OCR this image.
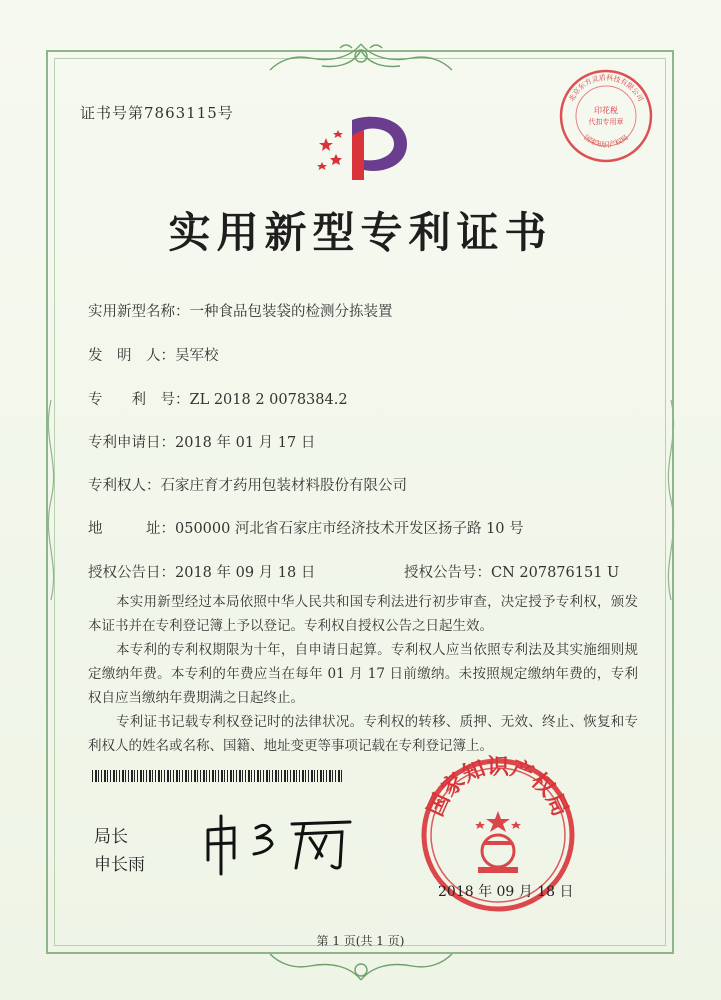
证书号第7863115号	印花税
代扣专用章
北京东方灵盾科技有限公司
国家知识产权局
实用新型专利证书
实用新型名称：一种食品包装袋的检测分拣装置
发　明　人：吴军校
专　　利　号：ZL 2018 2 0078384.2
专利申请日：2018 年 01 月 17 日
专利权人：石家庄育才药用包装材料股份有限公司
地　　　址：050000 河北省石家庄市经济技术开发区扬子路 10 号
授权公告日：2018 年 09 月 18 日	授权公告号：CN 207876151 U

本实用新型经过本局依照中华人民共和国专利法进行初步审查，决定授予专利权，颁发本证书并在专利登记簿上予以登记。专利权自授权公告之日起生效。

本专利的专利权期限为十年，自申请日起算。专利权人应当依照专利法及其实施细则规定缴纳年费。本专利的年费应当在每年 01 月 17 日前缴纳。未按照规定缴纳年费的，专利权自应当缴纳年费期满之日起终止。

专利证书记载专利权登记时的法律状况。专利权的转移、质押、无效、终止、恢复和专利权人的姓名或名称、国籍、地址变更等事项记载在专利登记簿上。

局长
申长雨
国家知识产权局
2018 年 09 月 18 日
第 1 页(共 1 页)
